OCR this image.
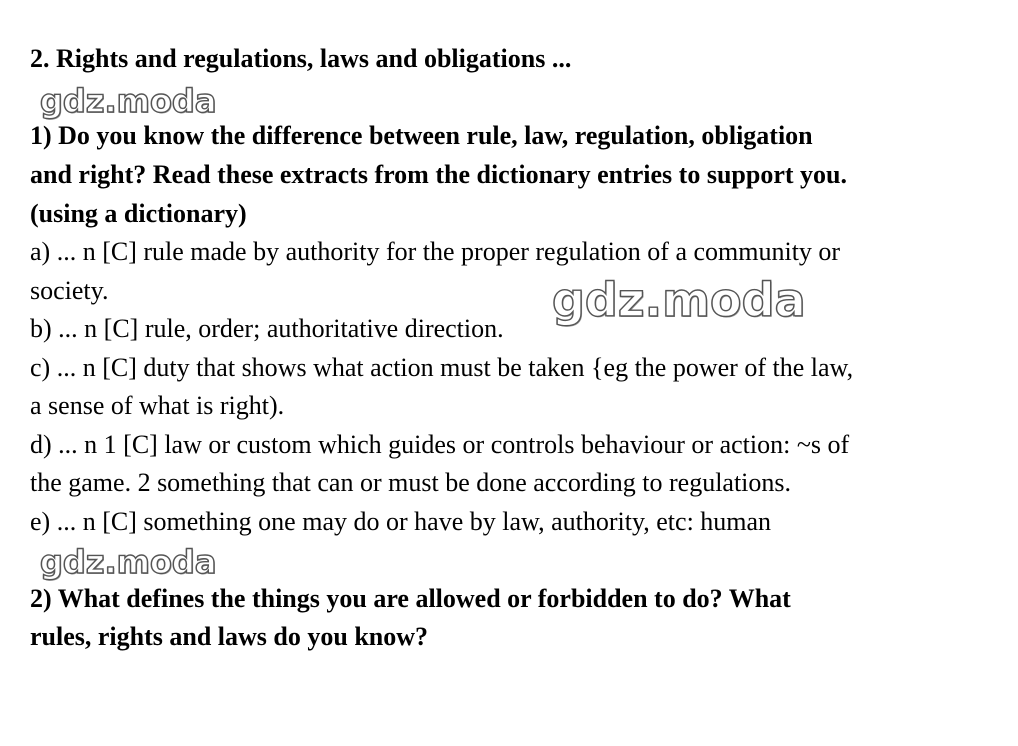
2. Rights and regulations, laws and obligations ...
gdz.moda
1) Do you know the difference between rule, law, regulation, obligation
and right? Read these extracts from the dictionary entries to support you.
(using a dictionary)
a) ... n [C] rule made by authority for the proper regulation of a community or
society.
b) ... n [C] rule, order; authoritative direction.
gdz.moda
c) ... n [C] duty that shows what action must be taken {eg the power of the law,
a sense of what is right).
d) ... n 1 [C] law or custom which guides or controls behaviour or action: ~s of
the game. 2 something that can or must be done according to regulations.
e) ... n [C] something one may do or have by law, authority, etc: human
gdz.moda
2) What defines the things you are allowed or forbidden to do? What
rules, rights and laws do you know?
